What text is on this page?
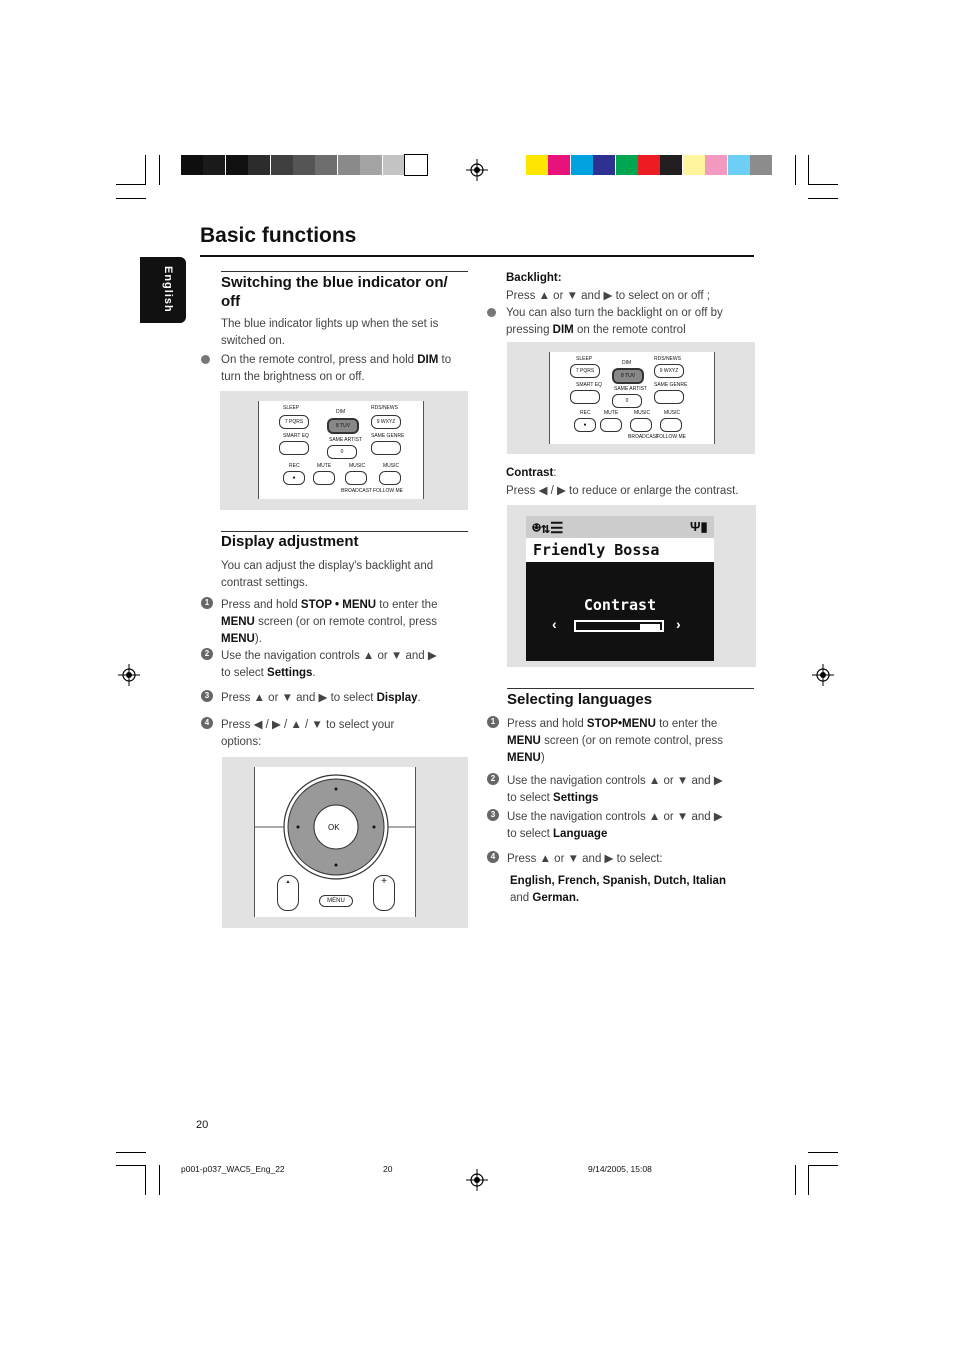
Basic functions
English	Switching the blue indicator on/
off
The blue indicator lights up when the set is
switched on.
On the remote control, press and hold DIM to
turn the brightness on or off.
SLEEP
DIM
RDS/NEWS
7 PQRS
8 TUV
9 WXYZ
SMART EQ
SAME ARTIST
SAME GENRE
0
REC	MUTE	MUSIC	MUSIC
●
BROADCAST FOLLOW ME
Display adjustment
You can adjust the display's backlight and
contrast settings.
1	Press and hold STOP • MENU to enter the
MENU screen (or on remote control, press
MENU).
2	Use the navigation controls ▲ or ▼ and ▶
to select Settings.
3	Press ▲ or ▼ and ▶ to select Display.
4	Press ◀ / ▶ / ▲ / ▼ to select your
options:
OK
▲
MENU
+
Backlight:
Press ▲ or ▼ and ▶ to select on or off ;
You can also turn the backlight on or off by
pressing DIM on the remote control
SLEEP
DIM
RDS/NEWS
7 PQRS
8 TUV
9 WXYZ
SMART EQ
SAME ARTIST
SAME GENRE
0
REC	MUTE	MUSIC	MUSIC
●
BROADCAST
FOLLOW ME
Contrast:
Press ◀ / ▶ to reduce or enlarge the contrast.
☻⇅☰	Ψ▮
Friendly Bossa
Contrast
‹	›
Selecting languages
1	Press and hold STOP•MENU to enter the
MENU screen (or on remote control, press
MENU)
2	Use the navigation controls ▲ or ▼ and ▶
to select Settings
3	Use the navigation controls ▲ or ▼ and ▶
to select Language
4	Press ▲ or ▼ and ▶ to select:
English, French, Spanish, Dutch, Italian
and German.
20
p001-p037_WAC5_Eng_22	20	9/14/2005, 15:08
